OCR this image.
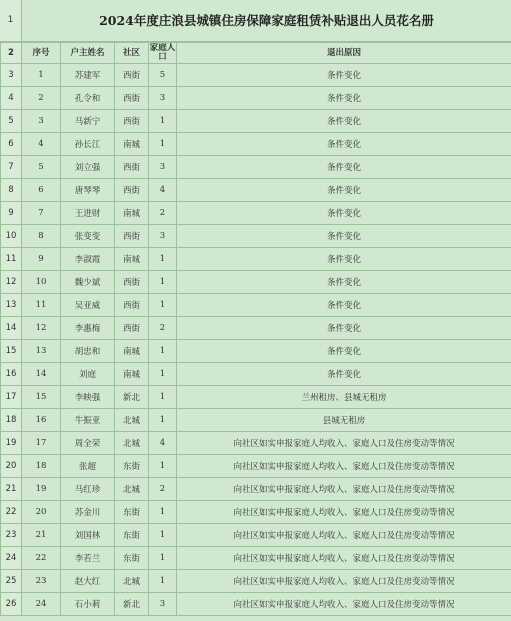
1	2024年度庄浪县城镇住房保障家庭租赁补贴退出人员花名册
2	序号	户主姓名	社区	家庭人口	退出原因
3	1	苏建军	西街	5	条件变化
4	2	孔令和	西街	3	条件变化
5	3	马新宁	西街	1	条件变化
6	4	孙长江	南城	1	条件变化
7	5	刘立强	西街	3	条件变化
8	6	唐琴琴	西街	4	条件变化
9	7	王进财	南城	2	条件变化
10	8	张变变	西街	3	条件变化
11	9	李淑霞	南城	1	条件变化
12	10	魏少斌	西街	1	条件变化
13	11	吴亚威	西街	1	条件变化
14	12	李惠梅	西街	2	条件变化
15	13	胡忠和	南城	1	条件变化
16	14	刘庭	南城	1	条件变化
17	15	李映强	新北	1	兰州租房、县城无租房
18	16	牛振亚	北城	1	县城无租房
19	17	周全荣	北城	4	向社区如实申报家庭人均收入、家庭人口及住房变动等情况
20	18	张超	东街	1	向社区如实申报家庭人均收入、家庭人口及住房变动等情况
21	19	马红珍	北城	2	向社区如实申报家庭人均收入、家庭人口及住房变动等情况
22	20	苏金川	东街	1	向社区如实申报家庭人均收入、家庭人口及住房变动等情况
23	21	刘国林	东街	1	向社区如实申报家庭人均收入、家庭人口及住房变动等情况
24	22	李若兰	东街	1	向社区如实申报家庭人均收入、家庭人口及住房变动等情况
25	23	赵大红	北城	1	向社区如实申报家庭人均收入、家庭人口及住房变动等情况
26	24	石小莉	新北	3	向社区如实申报家庭人均收入、家庭人口及住房变动等情况
